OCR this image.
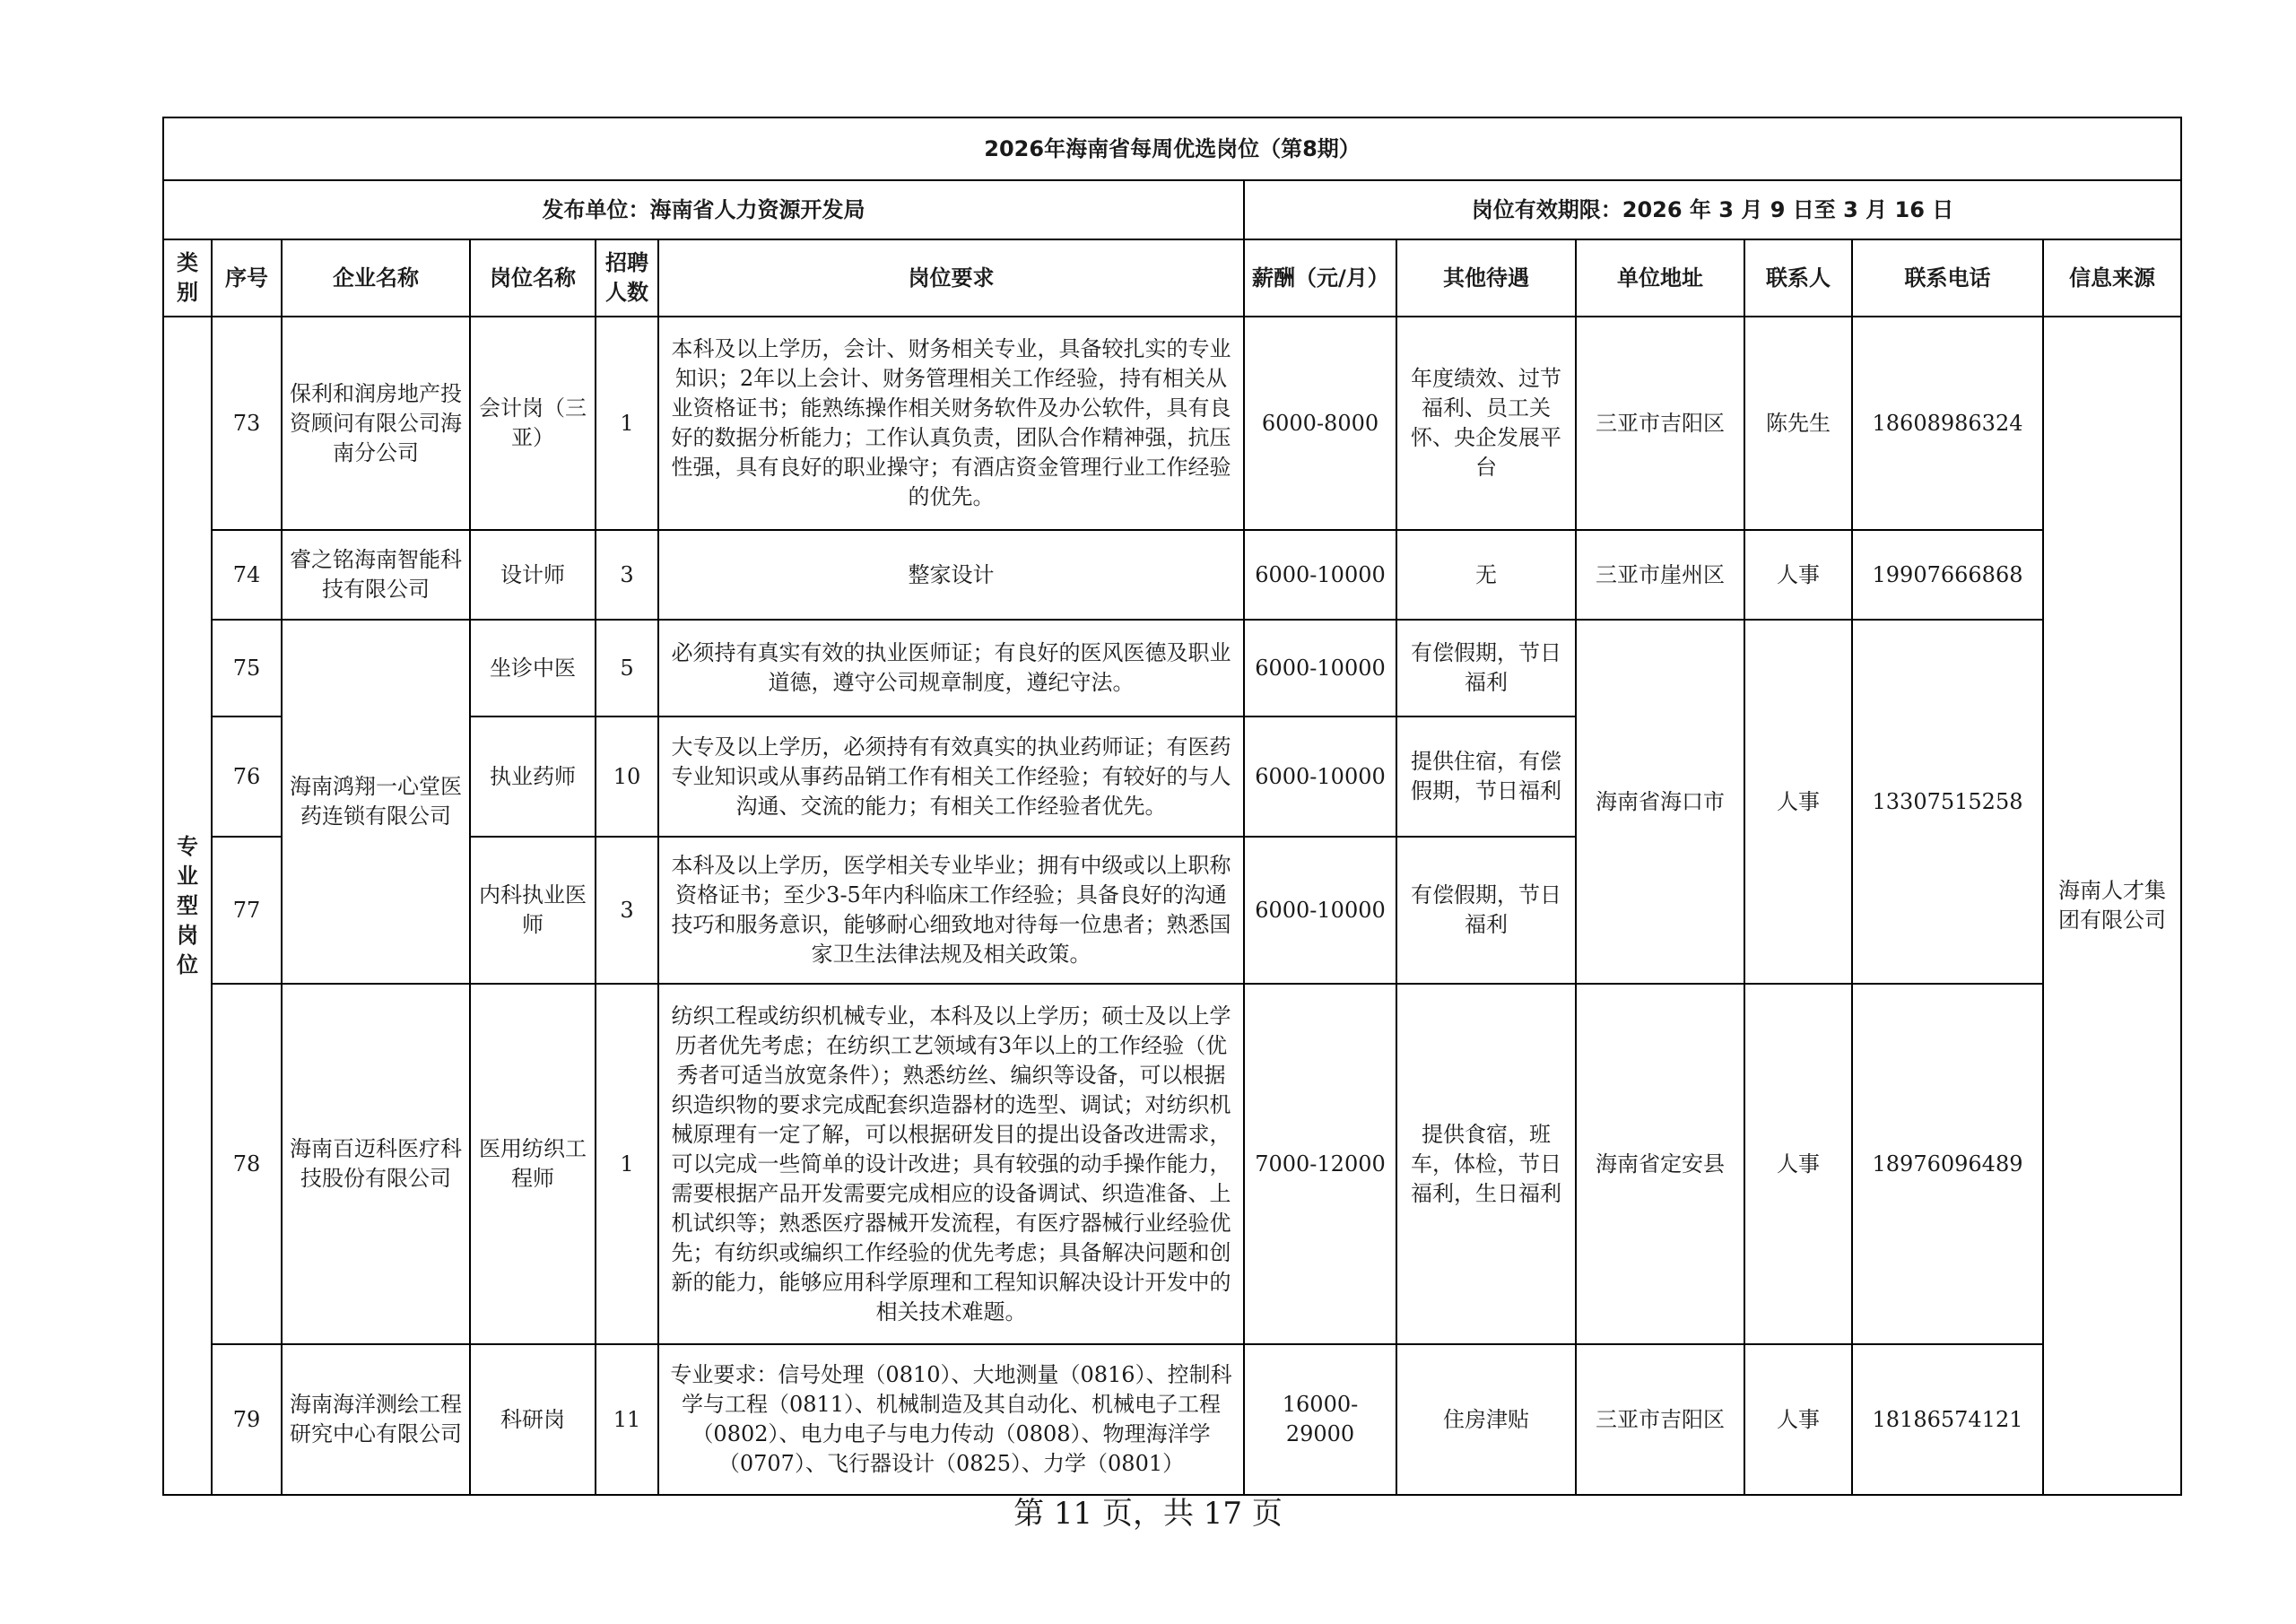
2026年海南省每周优选岗位（第8期）											
发布单位：海南省人力资源开发局						岗位有效期限：2026 年 3 月 9 日至 3 月 16 日					
类别	序号	企业名称	岗位名称	招聘人数	岗位要求	薪酬（元/月）	其他待遇	单位地址	联系人	联系电话	信息来源
专业型岗位	73	保利和润房地产投资顾问有限公司海南分公司	会计岗（三亚）	1	本科及以上学历，会计、财务相关专业，具备较扎实的专业知识；2年以上会计、财务管理相关工作经验，持有相关从业资格证书；能熟练操作相关财务软件及办公软件，具有良好的数据分析能力；工作认真负责，团队合作精神强，抗压性强，具有良好的职业操守；有酒店资金管理行业工作经验的优先。	6000-8000	年度绩效、过节福利、员工关怀、央企发展平台	三亚市吉阳区	陈先生	18608986324	海南人才集团有限公司
	74	睿之铭海南智能科技有限公司	设计师	3	整家设计	6000-10000	无	三亚市崖州区	人事	19907666868	
	75	海南鸿翔一心堂医药连锁有限公司	坐诊中医	5	必须持有真实有效的执业医师证；有良好的医风医德及职业道德，遵守公司规章制度，遵纪守法。	6000-10000	有偿假期，节日福利	海南省海口市	人事	13307515258	
	76		执业药师	10	大专及以上学历，必须持有有效真实的执业药师证；有医药专业知识或从事药品销工作有相关工作经验；有较好的与人沟通、交流的能力；有相关工作经验者优先。	6000-10000	提供住宿，有偿假期，节日福利				
	77		内科执业医师	3	本科及以上学历，医学相关专业毕业；拥有中级或以上职称资格证书；至少3-5年内科临床工作经验；具备良好的沟通技巧和服务意识，能够耐心细致地对待每一位患者；熟悉国家卫生法律法规及相关政策。	6000-10000	有偿假期，节日福利				
	78	海南百迈科医疗科技股份有限公司	医用纺织工程师	1	纺织工程或纺织机械专业，本科及以上学历；硕士及以上学历者优先考虑；在纺织工艺领域有3年以上的工作经验（优秀者可适当放宽条件）；熟悉纺丝、编织等设备，可以根据织造织物的要求完成配套织造器材的选型、调试；对纺织机械原理有一定了解，可以根据研发目的提出设备改进需求，可以完成一些简单的设计改进；具有较强的动手操作能力，需要根据产品开发需要完成相应的设备调试、织造准备、上机试织等；熟悉医疗器械开发流程，有医疗器械行业经验优先；有纺织或编织工作经验的优先考虑；具备解决问题和创新的能力，能够应用科学原理和工程知识解决设计开发中的相关技术难题。	7000-12000	提供食宿，班车，体检，节日福利，生日福利	海南省定安县	人事	18976096489	
	79	海南海洋测绘工程研究中心有限公司	科研岗	11	专业要求：信号处理（0810）、大地测量（0816）、控制科学与工程（0811）、机械制造及其自动化、机械电子工程（0802）、电力电子与电力传动（0808）、物理海洋学（0707）、飞行器设计（0825）、力学（0801）	16000-29000	住房津贴	三亚市吉阳区	人事	18186574121	
第 11 页，共 17 页
